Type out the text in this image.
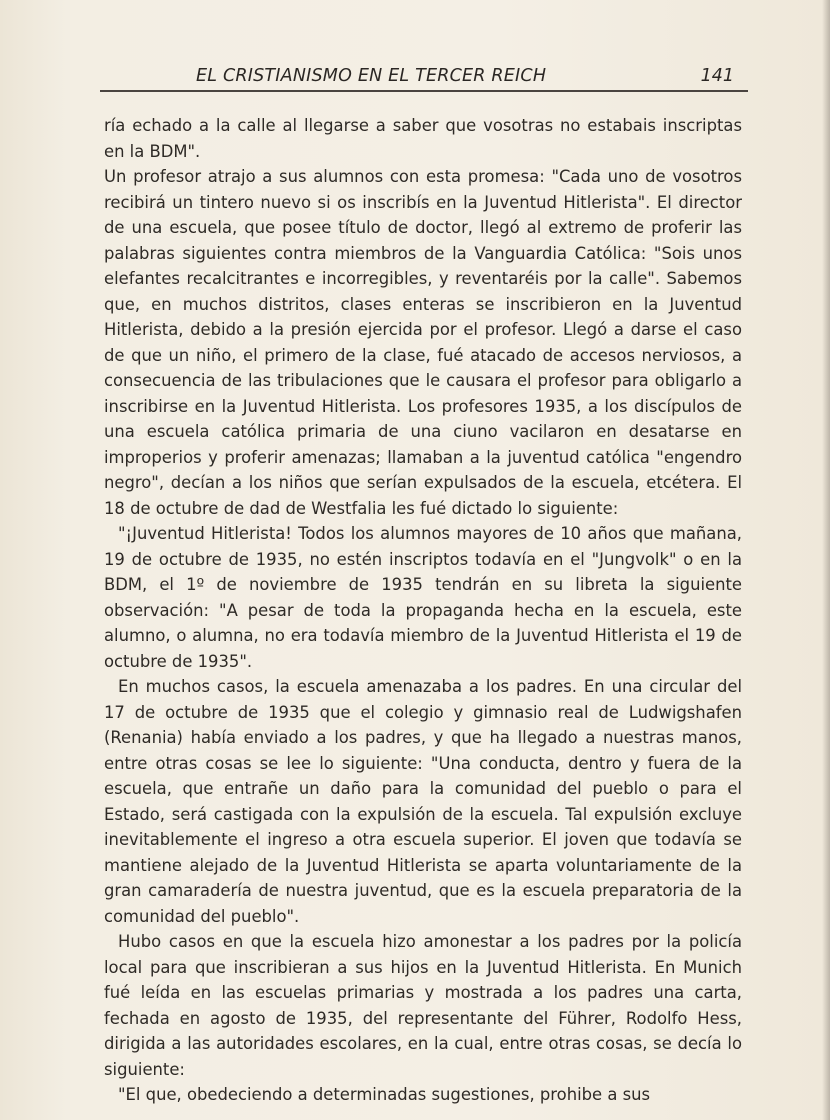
EL CRISTIANISMO EN EL TERCER REICH	141

ría echado a la calle al llegarse a saber que vosotras no estabais inscriptas en la BDM".

Un profesor atrajo a sus alumnos con esta promesa: "Cada uno de vosotros recibirá un tintero nuevo si os inscribís en la Juventud Hitlerista". El director de una escuela, que posee título de doctor, llegó al extremo de proferir las palabras siguientes contra miembros de la Vanguardia Católica: "Sois unos elefantes recalcitrantes e incorregibles, y reventaréis por la calle". Sabemos que, en muchos distritos, clases enteras se inscribieron en la Juventud Hitlerista, debido a la presión ejercida por el profesor. Llegó a darse el caso de que un niño, el primero de la clase, fué atacado de accesos nerviosos, a consecuencia de las tribulaciones que le causara el profesor para obligarlo a inscribirse en la Juventud Hitlerista. Los profesores 1935, a los discípulos de una escuela católica primaria de una ciuno vacilaron en desatarse en improperios y proferir amenazas; llamaban a la juventud católica "engendro negro", decían a los niños que serían expulsados de la escuela, etcétera. El 18 de octubre de dad de Westfalia les fué dictado lo siguiente:

"¡Juventud Hitlerista! Todos los alumnos mayores de 10 años que mañana, 19 de octubre de 1935, no estén inscriptos todavía en el "Jungvolk" o en la BDM, el 1º de noviembre de 1935 tendrán en su libreta la siguiente observación: "A pesar de toda la propaganda hecha en la escuela, este alumno, o alumna, no era todavía miembro de la Juventud Hitlerista el 19 de octubre de 1935".

En muchos casos, la escuela amenazaba a los padres. En una circular del 17 de octubre de 1935 que el colegio y gimnasio real de Ludwigshafen (Renania) había enviado a los padres, y que ha llegado a nuestras manos, entre otras cosas se lee lo siguiente: "Una conducta, dentro y fuera de la escuela, que entrañe un daño para la comunidad del pueblo o para el Estado, será castigada con la expulsión de la escuela. Tal expulsión excluye inevitablemente el ingreso a otra escuela superior. El joven que todavía se mantiene alejado de la Juventud Hitlerista se aparta voluntariamente de la gran camaradería de nuestra juventud, que es la escuela preparatoria de la comunidad del pueblo".

Hubo casos en que la escuela hizo amonestar a los padres por la policía local para que inscribieran a sus hijos en la Juventud Hitlerista. En Munich fué leída en las escuelas primarias y mostrada a los padres una carta, fechada en agosto de 1935, del representante del Führer, Rodolfo Hess, dirigida a las autoridades escolares, en la cual, entre otras cosas, se decía lo siguiente:

"El que, obedeciendo a determinadas sugestiones, prohibe a sus
